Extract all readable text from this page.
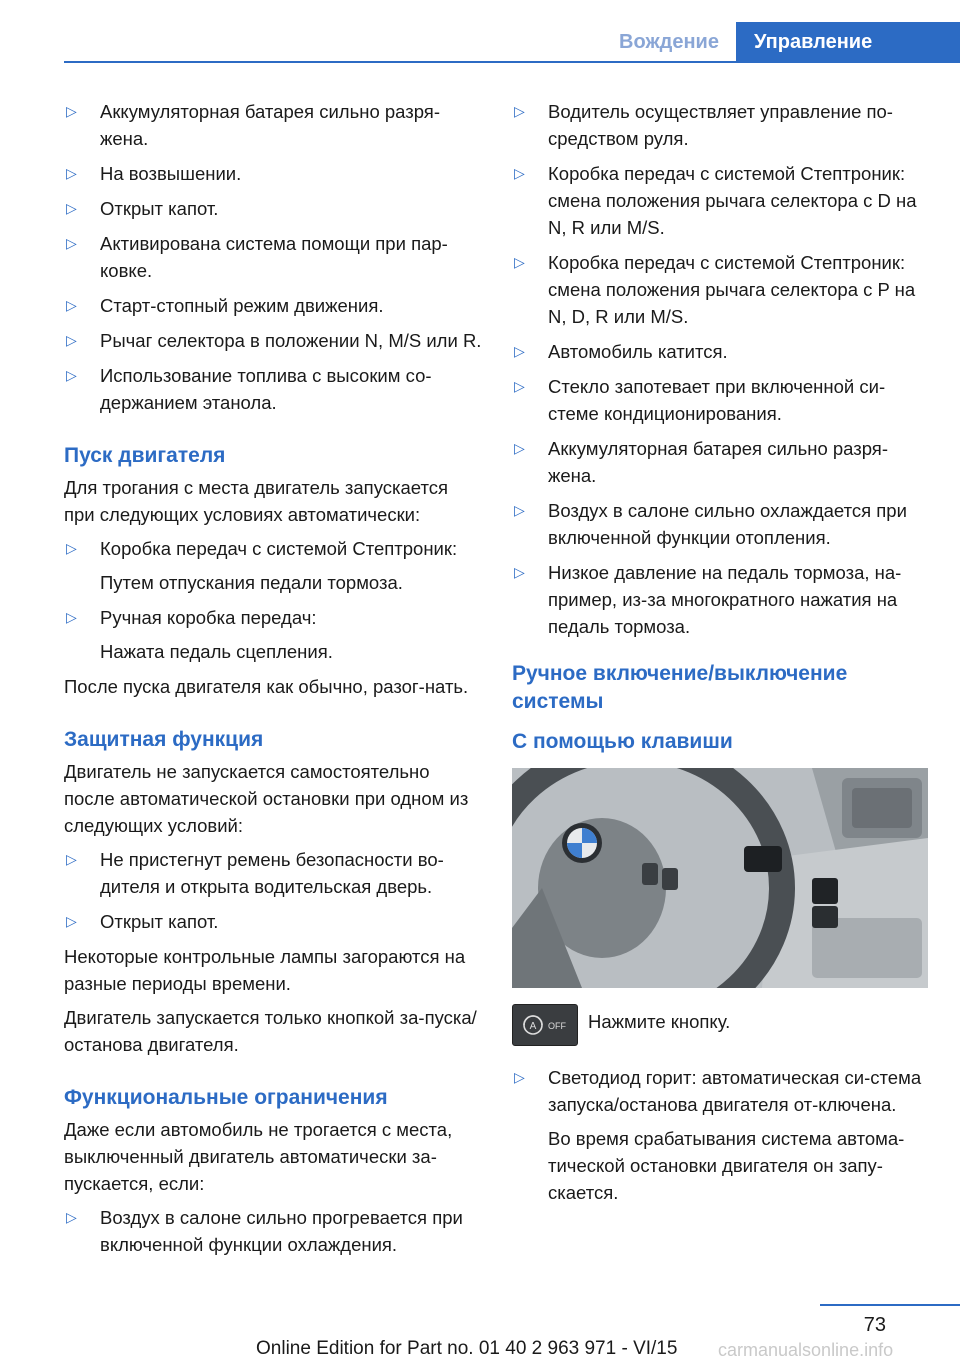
Вождение	Управление
▷ Аккумуляторная батарея сильно разря-жена.
▷ На возвышении.
▷ Открыт капот.
▷ Активирована система помощи при пар-ковке.
▷ Старт-стопный режим движения.
▷ Рычаг селектора в положении N, M/S или R.
▷ Использование топлива с высоким со-держанием этанола.
Пуск двигателя

Для трогания с места двигатель запускается при следующих условиях автоматически:

▷ Коробка передач с системой Стептроник:
Путем отпускания педали тормоза.
▷ Ручная коробка передач:
Нажата педаль сцепления.

После пуска двигателя как обычно, разог-нать.

Защитная функция

Двигатель не запускается самостоятельно после автоматической остановки при одном из следующих условий:

▷ Не пристегнут ремень безопасности во-дителя и открыта водительская дверь.
▷ Открыт капот.

Некоторые контрольные лампы загораются на разные периоды времени.

Двигатель запускается только кнопкой за-пуска/останова двигателя.

Функциональные ограничения

Даже если автомобиль не трогается с места, выключенный двигатель автоматически за-пускается, если:

▷ Воздух в салоне сильно прогревается при включенной функции охлаждения.
▷ Водитель осуществляет управление по-средством руля.
▷ Коробка передач с системой Стептроник: смена положения рычага селектора с D на N, R или M/S.
▷ Коробка передач с системой Стептроник: смена положения рычага селектора с P на N, D, R или M/S.
▷ Автомобиль катится.
▷ Стекло запотевает при включенной си-стеме кондиционирования.
▷ Аккумуляторная батарея сильно разря-жена.
▷ Воздух в салоне сильно охлаждается при включенной функции отопления.
▷ Низкое давление на педаль тормоза, на-пример, из-за многократного нажатия на педаль тормоза.
Ручное включение/выключение системы
С помощью клавиши
A OFF Нажмите кнопку.
▷ Светодиод горит: автоматическая си-стема запуска/останова двигателя от-ключена.
Во время срабатывания система автома-тической остановки двигателя он запу-скается.
73
Online Edition for Part no. 01 40 2 963 971 - VI/15 carmanualsonline.info
